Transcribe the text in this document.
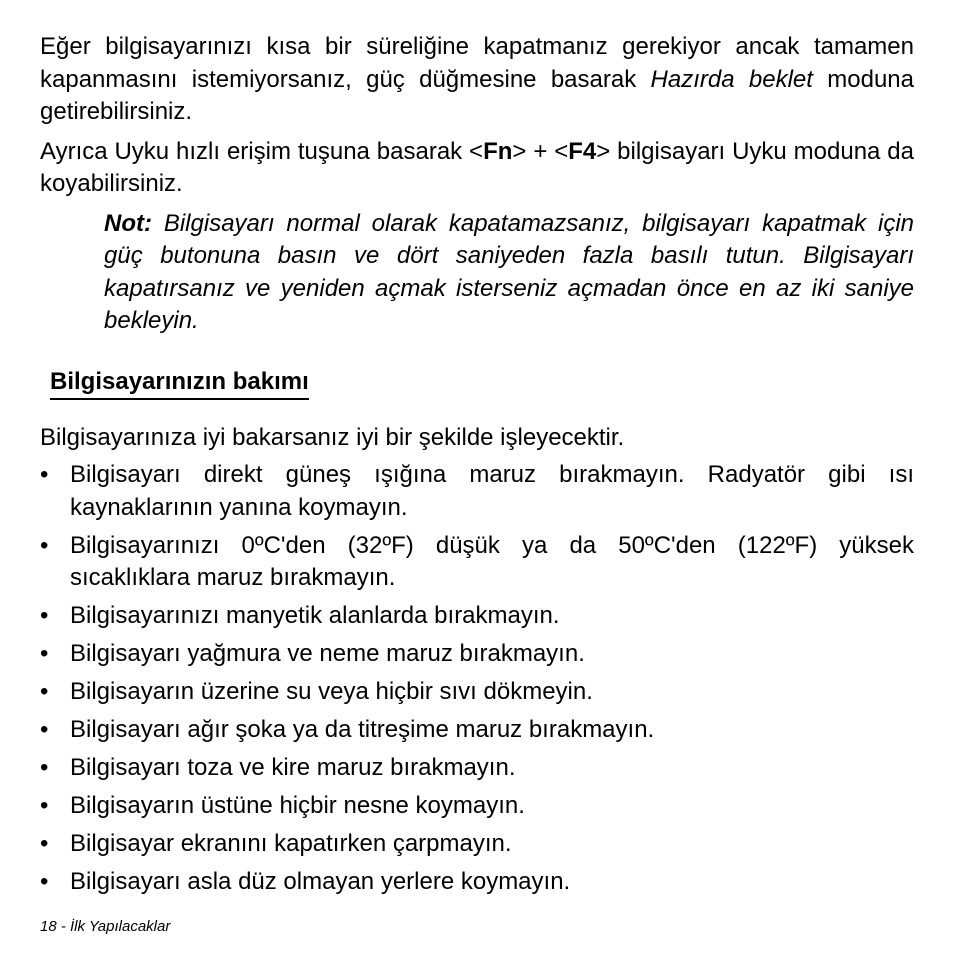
Eğer bilgisayarınızı kısa bir süreliğine kapatmanız gerekiyor ancak tamamen kapanmasını istemiyorsanız, güç düğmesine basarak Hazırda beklet moduna getirebilirsiniz.

Ayrıca Uyku hızlı erişim tuşuna basarak <Fn> + <F4> bilgisayarı Uyku moduna da koyabilirsiniz.

Not: Bilgisayarı normal olarak kapatamazsanız, bilgisayarı kapatmak için güç butonuna basın ve dört saniyeden fazla basılı tutun. Bilgisayarı kapatırsanız ve yeniden açmak isterseniz açmadan önce en az iki saniye bekleyin.

Bilgisayarınızın bakımı

Bilgisayarınıza iyi bakarsanız iyi bir şekilde işleyecektir.

• Bilgisayarı direkt güneş ışığına maruz bırakmayın. Radyatör gibi ısı kaynaklarının yanına koymayın.
• Bilgisayarınızı 0ºC'den (32ºF) düşük ya da 50ºC'den (122ºF) yüksek sıcaklıklara maruz bırakmayın.
• Bilgisayarınızı manyetik alanlarda bırakmayın.
• Bilgisayarı yağmura ve neme maruz bırakmayın.
• Bilgisayarın üzerine su veya hiçbir sıvı dökmeyin.
• Bilgisayarı ağır şoka ya da titreşime maruz bırakmayın.
• Bilgisayarı toza ve kire maruz bırakmayın.
• Bilgisayarın üstüne hiçbir nesne koymayın.
• Bilgisayar ekranını kapatırken çarpmayın.
• Bilgisayarı asla düz olmayan yerlere koymayın.
18 - İlk Yapılacaklar
